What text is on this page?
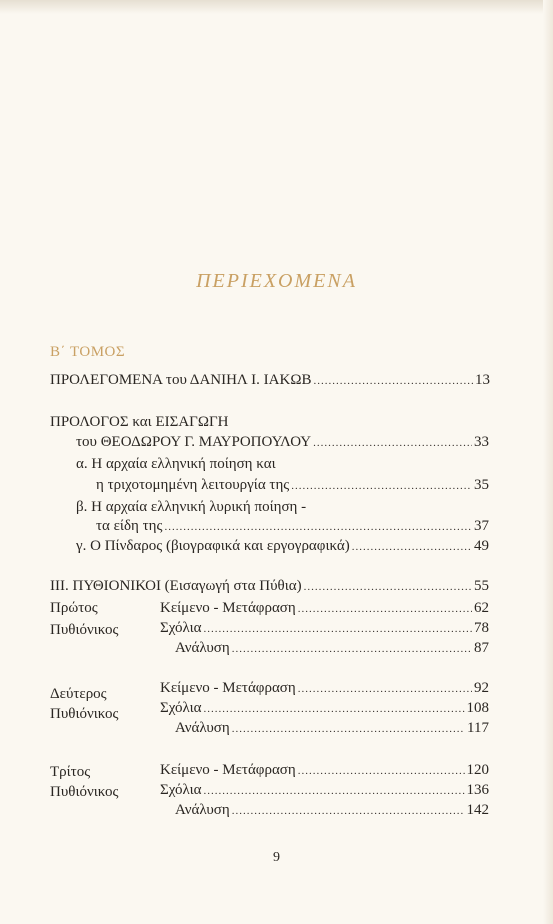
ΠΕΡΙΕΧΟΜΕΝΑ
Β΄ ΤΟΜΟΣ
ΠΡΟΛΕΓΟΜΕΝΑ του ΔΑΝΙΗΛ Ι. ΙΑΚΩΒ .....	13
ΠΡΟΛΟΓΟΣ και ΕΙΣΑΓΩΓΗ
του ΘΕΟΔΩΡΟΥ Γ. ΜΑΥΡΟΠΟΥΛΟΥ .....	33
α. Η αρχαία ελληνική ποίηση και
η τριχοτομημένη λειτουργία της .....	35
β. Η αρχαία ελληνική λυρική ποίηση -
τα είδη της .....	37
γ. Ο Πίνδαρος (βιογραφικά και εργογραφικά) .....	49
ΙΙΙ. ΠΥΘΙΟΝΙΚΟΙ (Εισαγωγή στα Πύθια) .....	55
Πρώτος
Πυθιόνικος
Κείμενο - Μετάφραση .....	62
Σχόλια .....	78
Ανάλυση .....	87
Δεύτερος
Πυθιόνικος
Κείμενο - Μετάφραση .....	92
Σχόλια .....	108
Ανάλυση .....	117
Τρίτος
Πυθιόνικος
Κείμενο - Μετάφραση .....	120
Σχόλια .....	136
Ανάλυση .....	142
9
